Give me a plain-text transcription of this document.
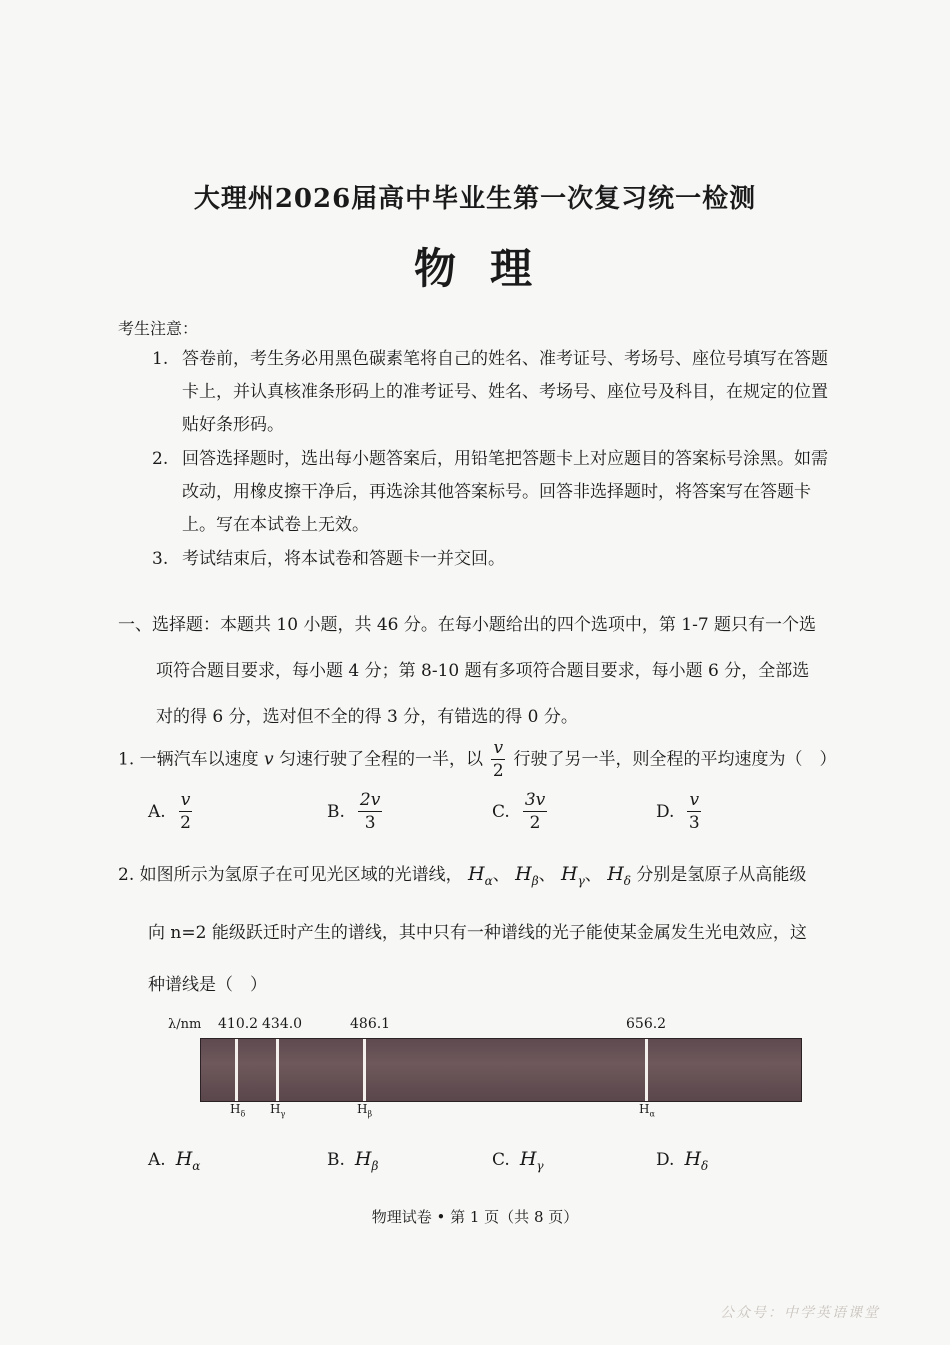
大理州2026届高中毕业生第一次复习统一检测
物理
考生注意：
1. 答卷前，考生务必用黑色碳素笔将自己的姓名、准考证号、考场号、座位号填写在答题卡上，并认真核准条形码上的准考证号、姓名、考场号、座位号及科目，在规定的位置贴好条形码。
2. 回答选择题时，选出每小题答案后，用铅笔把答题卡上对应题目的答案标号涂黑。如需改动，用橡皮擦干净后，再选涂其他答案标号。回答非选择题时，将答案写在答题卡上。写在本试卷上无效。
3. 考试结束后，将本试卷和答题卡一并交回。
一、选择题：本题共 10 小题，共 46 分。在每小题给出的四个选项中，第 1-7 题只有一个选
项符合题目要求，每小题 4 分；第 8-10 题有多项符合题目要求，每小题 6 分，全部选
对的得 6 分，选对但不全的得 3 分，有错选的得 0 分。
1. 一辆汽车以速度 v 匀速行驶了全程的一半，以 $\frac{v}{2}$ 行驶了另一半，则全程的平均速度为（　）
A. $\frac{v}{2}$	B. $\frac{2v}{3}$	C. $\frac{3v}{2}$	D. $\frac{v}{3}$
2. 如图所示为氢原子在可见光区域的光谱线， $H_\alpha$、 $H_\beta$、 $H_\gamma$、 $H_\delta$ 分别是氢原子从高能级
向 n=2 能级跃迁时产生的谱线，其中只有一种谱线的光子能使某金属发生光电效应，这
种谱线是（　）
λ/nm 410.2 434.0	486.1	656.2
$H_\delta$ $H_\gamma$	$H_\beta$	$H_\alpha$
A. $H_\alpha$	B. $H_\beta$	C. $H_\gamma$	D. $H_\delta$
物理试卷 • 第 1 页（共 8 页）
公众号：中学英语课堂
